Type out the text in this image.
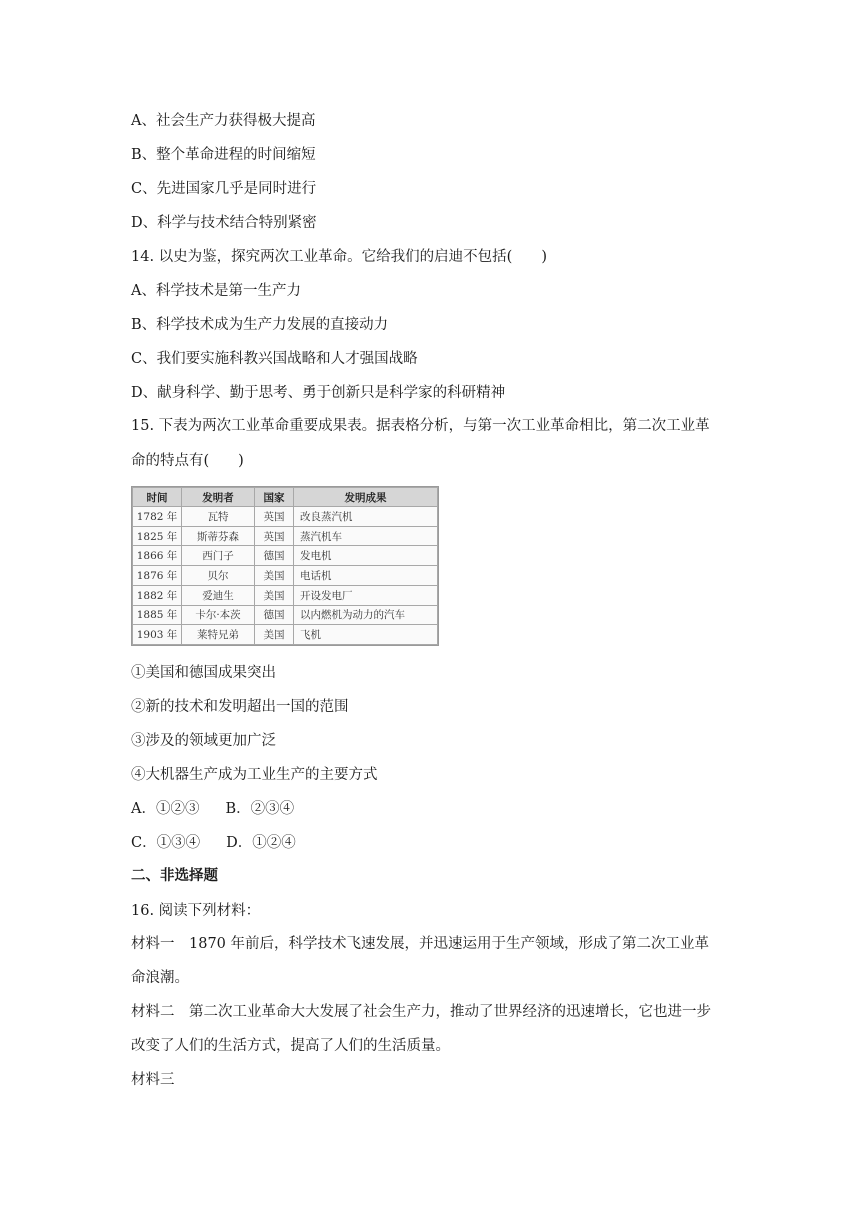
A、社会生产力获得极大提高
B、整个革命进程的时间缩短
C、先进国家几乎是同时进行
D、科学与技术结合特别紧密
14. 以史为鉴，探究两次工业革命。它给我们的启迪不包括(　　)
A、科学技术是第一生产力
B、科学技术成为生产力发展的直接动力
C、我们要实施科教兴国战略和人才强国战略
D、献身科学、勤于思考、勇于创新只是科学家的科研精神
15. 下表为两次工业革命重要成果表。据表格分析，与第一次工业革命相比，第二次工业革
命的特点有(　　)
时间	发明者	国家	发明成果
1782 年	瓦特	英国	改良蒸汽机
1825 年	斯蒂芬森	英国	蒸汽机车
1866 年	西门子	德国	发电机
1876 年	贝尔	美国	电话机
1882 年	爱迪生	美国	开设发电厂
1885 年	卡尔·本茨	德国	以内燃机为动力的汽车
1903 年	莱特兄弟	美国	飞机
①美国和德国成果突出
②新的技术和发明超出一国的范围
③涉及的领域更加广泛
④大机器生产成为工业生产的主要方式
A．①②③ B．②③④
C．①③④ D．①②④
二、非选择题
16. 阅读下列材料：
材料一　1870 年前后，科学技术飞速发展，并迅速运用于生产领域，形成了第二次工业革
命浪潮。
材料二　第二次工业革命大大发展了社会生产力，推动了世界经济的迅速增长，它也进一步
改变了人们的生活方式，提高了人们的生活质量。
材料三
